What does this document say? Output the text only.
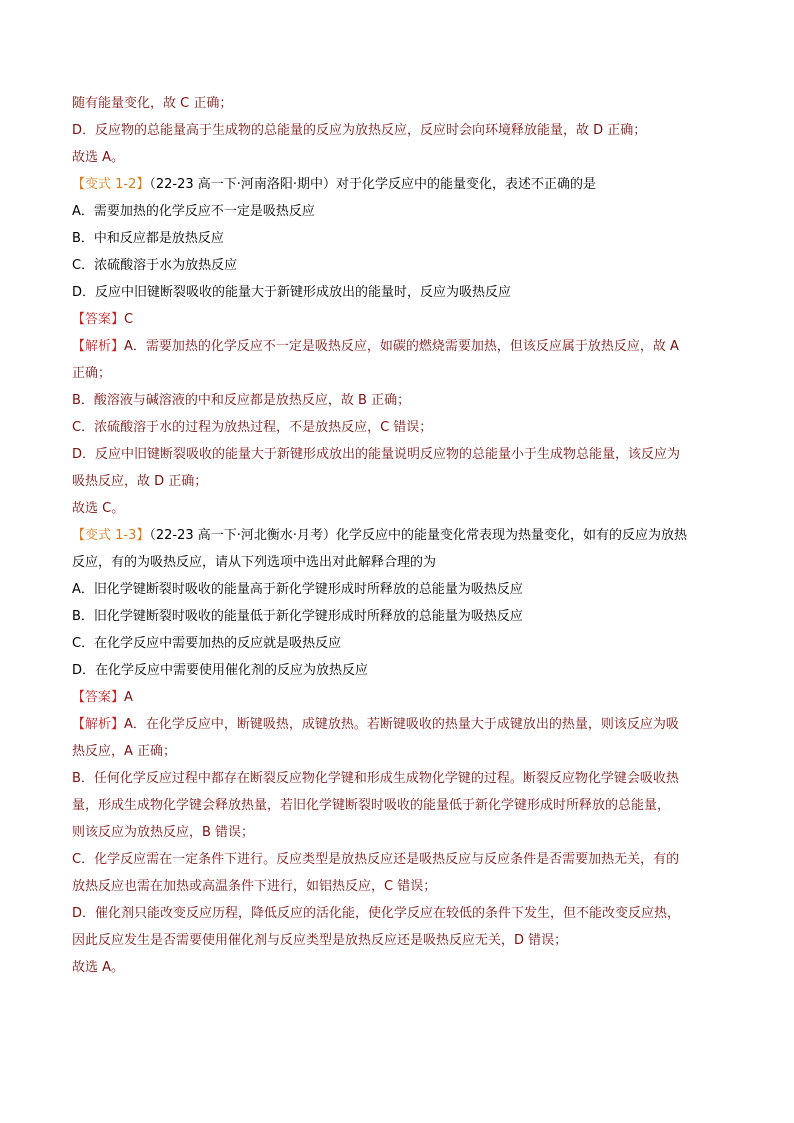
随有能量变化，故 C 正确；
D．反应物的总能量高于生成物的总能量的反应为放热反应，反应时会向环境释放能量，故 D 正确；
故选 A。
【变式 1-2】（22-23 高一下·河南洛阳·期中）对于化学反应中的能量变化，表述不正确的是
A．需要加热的化学反应不一定是吸热反应
B．中和反应都是放热反应
C．浓硫酸溶于水为放热反应
D．反应中旧键断裂吸收的能量大于新键形成放出的能量时，反应为吸热反应
【答案】C
【解析】A．需要加热的化学反应不一定是吸热反应，如碳的燃烧需要加热，但该反应属于放热反应，故 A
正确；
B．酸溶液与碱溶液的中和反应都是放热反应，故 B 正确；
C．浓硫酸溶于水的过程为放热过程，不是放热反应，C 错误；
D．反应中旧键断裂吸收的能量大于新键形成放出的能量说明反应物的总能量小于生成物总能量，该反应为
吸热反应，故 D 正确；
故选 C。
【变式 1-3】（22-23 高一下·河北衡水·月考）化学反应中的能量变化常表现为热量变化，如有的反应为放热
反应，有的为吸热反应，请从下列选项中选出对此解释合理的为
A．旧化学键断裂时吸收的能量高于新化学键形成时所释放的总能量为吸热反应
B．旧化学键断裂时吸收的能量低于新化学键形成时所释放的总能量为吸热反应
C．在化学反应中需要加热的反应就是吸热反应
D．在化学反应中需要使用催化剂的反应为放热反应
【答案】A
【解析】A．在化学反应中，断键吸热，成键放热。若断键吸收的热量大于成键放出的热量，则该反应为吸
热反应，A 正确；
B．任何化学反应过程中都存在断裂反应物化学键和形成生成物化学键的过程。断裂反应物化学键会吸收热
量，形成生成物化学键会释放热量，若旧化学键断裂时吸收的能量低于新化学键形成时所释放的总能量，
则该反应为放热反应，B 错误；
C．化学反应需在一定条件下进行。反应类型是放热反应还是吸热反应与反应条件是否需要加热无关，有的
放热反应也需在加热或高温条件下进行，如铝热反应，C 错误；
D．催化剂只能改变反应历程，降低反应的活化能，使化学反应在较低的条件下发生，但不能改变反应热，
因此反应发生是否需要使用催化剂与反应类型是放热反应还是吸热反应无关，D 错误；
故选 A。
